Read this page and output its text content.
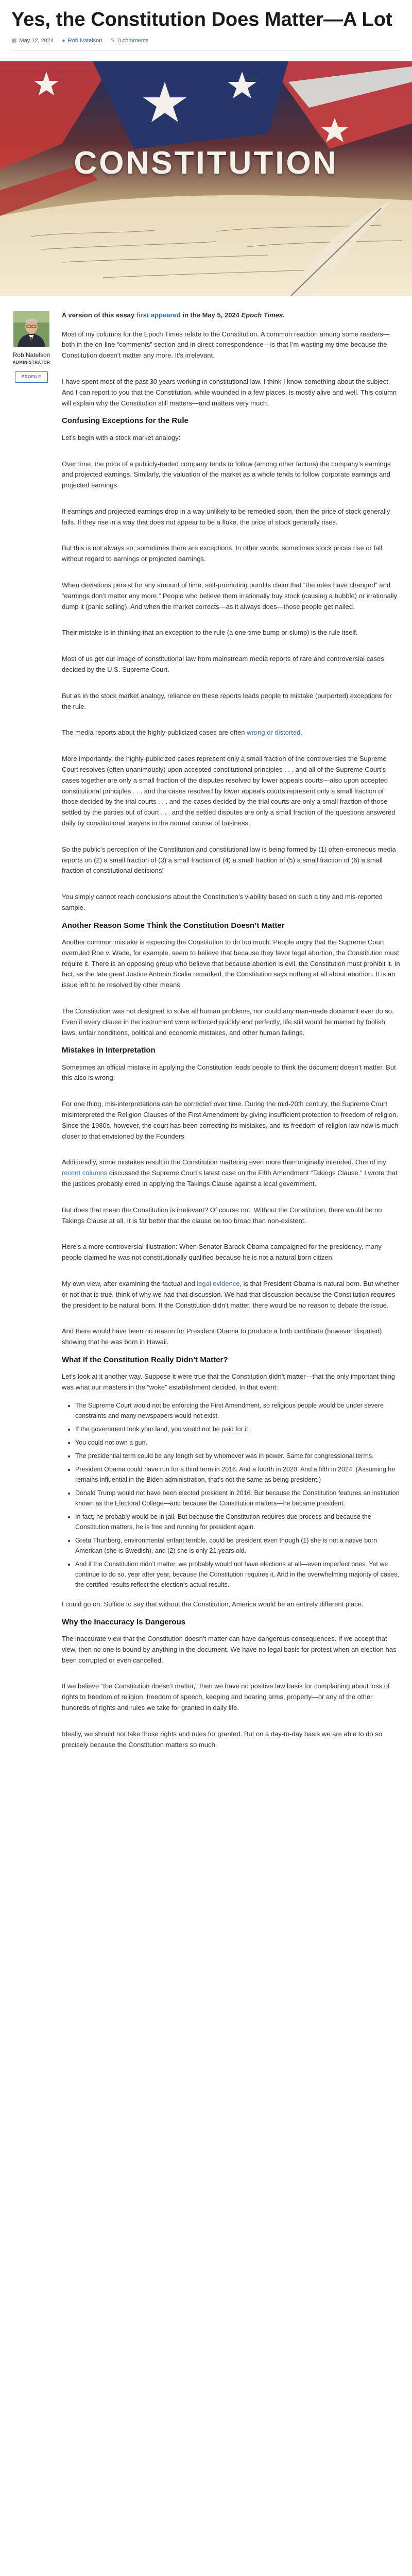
Yes, the Constitution Does Matter—A Lot
▦ May 12, 2024 ● Rob Natelson ✎ 0 comments
CONSTITUTION
Rob Natelson
ADMINISTRATOR
PROFILE

A version of this essay first appeared in the May 5, 2024 Epoch Times.

Most of my columns for the Epoch Times relate to the Constitution. A common reaction among some readers—both in the on-line “comments” section and in direct correspondence—is that I’m wasting my time because the Constitution doesn’t matter any more. It’s irrelevant.

I have spent most of the past 30 years working in constitutional law. I think I know something about the subject. And I can report to you that the Constitution, while wounded in a few places, is mostly alive and well. This column will explain why the Constitution still matters—and matters very much.

Confusing Exceptions for the Rule

Let’s begin with a stock market analogy:

Over time, the price of a publicly-traded company tends to follow (among other factors) the company’s earnings and projected earnings. Similarly, the valuation of the market as a whole tends to follow corporate earnings and projected earnings.

If earnings and projected earnings drop in a way unlikely to be remedied soon, then the price of stock generally falls. If they rise in a way that does not appear to be a fluke, the price of stock generally rises.

But this is not always so; sometimes there are exceptions. In other words, sometimes stock prices rise or fall without regard to earnings or projected earnings.

When deviations persist for any amount of time, self-promoting pundits claim that “the rules have changed” and “earnings don’t matter any more.” People who believe them irrationally buy stock (causing a bubble) or irrationally dump it (panic selling). And when the market corrects—as it always does—those people get nailed.

Their mistake is in thinking that an exception to the rule (a one-time bump or slump) is the rule itself.

Most of us get our image of constitutional law from mainstream media reports of rare and controversial cases decided by the U.S. Supreme Court.

But as in the stock market analogy, reliance on these reports leads people to mistake (purported) exceptions for the rule.

The media reports about the highly-publicized cases are often wrong or distorted.

More importantly, the highly-publicized cases represent only a small fraction of the controversies the Supreme Court resolves (often unanimously) upon accepted constitutional principles . . . and all of the Supreme Court’s cases together are only a small fraction of the disputes resolved by lower appeals courts—also upon accepted constitutional principles . . . and the cases resolved by lower appeals courts represent only a small fraction of those decided by the trial courts . . . and the cases decided by the trial courts are only a small fraction of those settled by the parties out of court . . . and the settled disputes are only a small fraction of the questions answered daily by constitutional lawyers in the normal course of business.

So the public’s perception of the Constitution and constitutional law is being formed by (1) often-erroneous media reports on (2) a small fraction of (3) a small fraction of (4) a small fraction of (5) a small fraction of (6) a small fraction of constitutional decisions!

You simply cannot reach conclusions about the Constitution’s viability based on such a tiny and mis-reported sample.

Another Reason Some Think the Constitution Doesn’t Matter

Another common mistake is expecting the Constitution to do too much. People angry that the Supreme Court overruled Roe v. Wade, for example, seem to believe that because they favor legal abortion, the Constitution must require it. There is an opposing group who believe that because abortion is evil, the Constitution must prohibit it. In fact, as the late great Justice Antonin Scalia remarked, the Constitution says nothing at all about abortion. It is an issue left to be resolved by other means.

The Constitution was not designed to solve all human problems, nor could any man-made document ever do so. Even if every clause in the instrument were enforced quickly and perfectly, life still would be marred by foolish laws, unfair conditions, political and economic mistakes, and other human failings.

Mistakes in Interpretation

Sometimes an official mistake in applying the Constitution leads people to think the document doesn’t matter. But this also is wrong.

For one thing, mis-interpretations can be corrected over time. During the mid-20th century, the Supreme Court misinterpreted the Religion Clauses of the First Amendment by giving insufficient protection to freedom of religion. Since the 1980s, however, the court has been correcting its mistakes, and its freedom-of-religion law now is much closer to that envisioned by the Founders.

Additionally, some mistakes result in the Constitution mattering even more than originally intended. One of my recent columns discussed the Supreme Court’s latest case on the Fifth Amendment “Takings Clause.” I wrote that the justices probably erred in applying the Takings Clause against a local government.

But does that mean the Constitution is irrelevant? Of course not. Without the Constitution, there would be no Takings Clause at all. It is far better that the clause be too broad than non-existent.

Here’s a more controversial illustration: When Senator Barack Obama campaigned for the presidency, many people claimed he was not constitutionally qualified because he is not a natural born citizen.

My own view, after examining the factual and legal evidence, is that President Obama is natural born. But whether or not that is true, think of why we had that discussion. We had that discussion because the Constitution requires the president to be natural born. If the Constitution didn’t matter, there would be no reason to debate the issue.

And there would have been no reason for President Obama to produce a birth certificate (however disputed) showing that he was born in Hawaii.

What If the Constitution Really Didn’t Matter?

Let’s look at it another way. Suppose it were true that the Constitution didn’t matter—that the only important thing was what our masters in the “woke” establishment decided. In that event:

• The Supreme Court would not be enforcing the First Amendment, so religious people would be under severe constraints and many newspapers would not exist.
• If the government took your land, you would not be paid for it.
• You could not own a gun.
• The presidential term could be any length set by whomever was in power. Same for congressional terms.
• President Obama could have run for a third term in 2016. And a fourth in 2020. And a fifth in 2024. (Assuming he remains influential in the Biden administration, that’s not the same as being president.)
• Donald Trump would not have been elected president in 2016. But because the Constitution features an institution known as the Electoral College—and because the Constitution matters—he became president.
• In fact, he probably would be in jail. But because the Constitution requires due process and because the Constitution matters, he is free and running for president again.
• Greta Thunberg, environmental enfant terrible, could be president even though (1) she is not a native born American (she is Swedish), and (2) she is only 21 years old.
• And if the Constitution didn’t matter, we probably would not have elections at all—even imperfect ones. Yet we continue to do so, year after year, because the Constitution requires it. And in the overwhelming majority of cases, the certified results reflect the election’s actual results.

I could go on. Suffice to say that without the Constitution, America would be an entirely different place.

Why the Inaccuracy Is Dangerous

The inaccurate view that the Constitution doesn’t matter can have dangerous consequences. If we accept that view, then no one is bound by anything in the document. We have no legal basis for protest when an election has been corrupted or even cancelled.

If we believe “the Constitution doesn’t matter,” then we have no positive law basis for complaining about loss of rights to freedom of religion, freedom of speech, keeping and bearing arms, property—or any of the other hundreds of rights and rules we take for granted in daily life.

Ideally, we should not take those rights and rules for granted. But on a day-to-day basis we are able to do so precisely because the Constitution matters so much.
